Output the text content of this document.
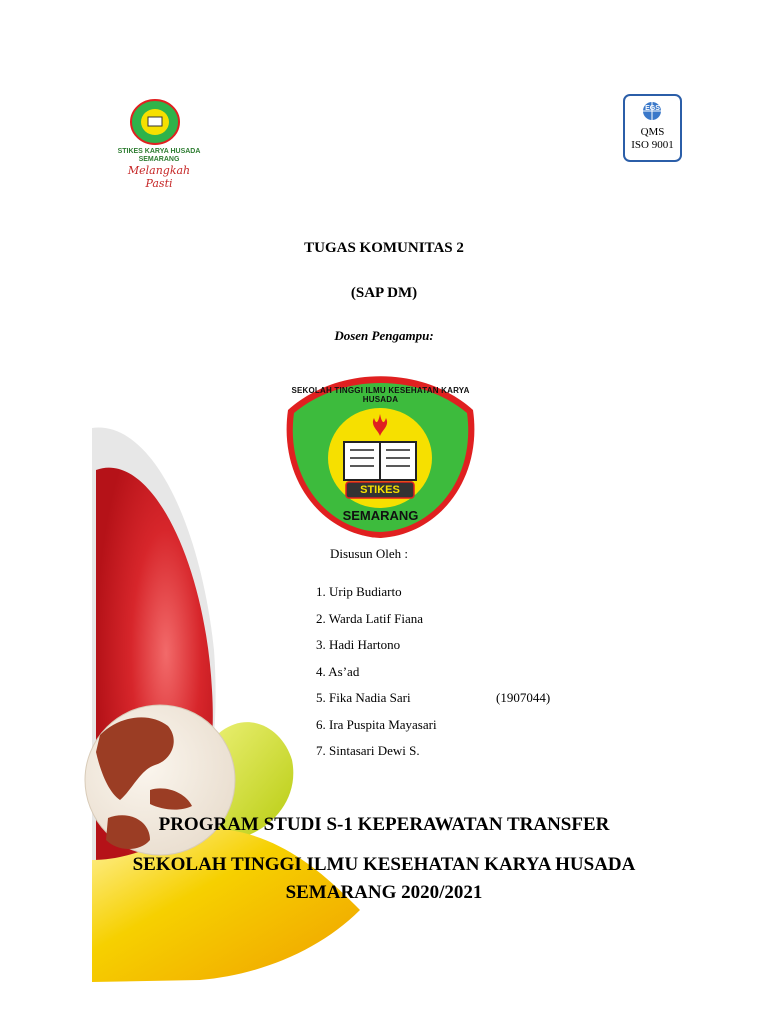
STIKES KARYA HUSADA
SEMARANG
Melangkah Pasti
EGS
QMS
ISO 9001
TUGAS KOMUNITAS 2
(SAP DM)
Dosen Pengampu:
STIKES
SEMARANG
SEKOLAH TINGGI ILMU KESEHATAN KARYA HUSADA
Disusun Oleh :
1. Urip Budiarto
2. Warda Latif Fiana
3. Hadi Hartono
4. As’ad
5. Fika Nadia Sari	(1907044)
6. Ira Puspita Mayasari
7. Sintasari Dewi S.
PROGRAM STUDI S-1 KEPERAWATAN TRANSFER
SEKOLAH TINGGI ILMU KESEHATAN KARYA HUSADA
SEMARANG 2020/2021
